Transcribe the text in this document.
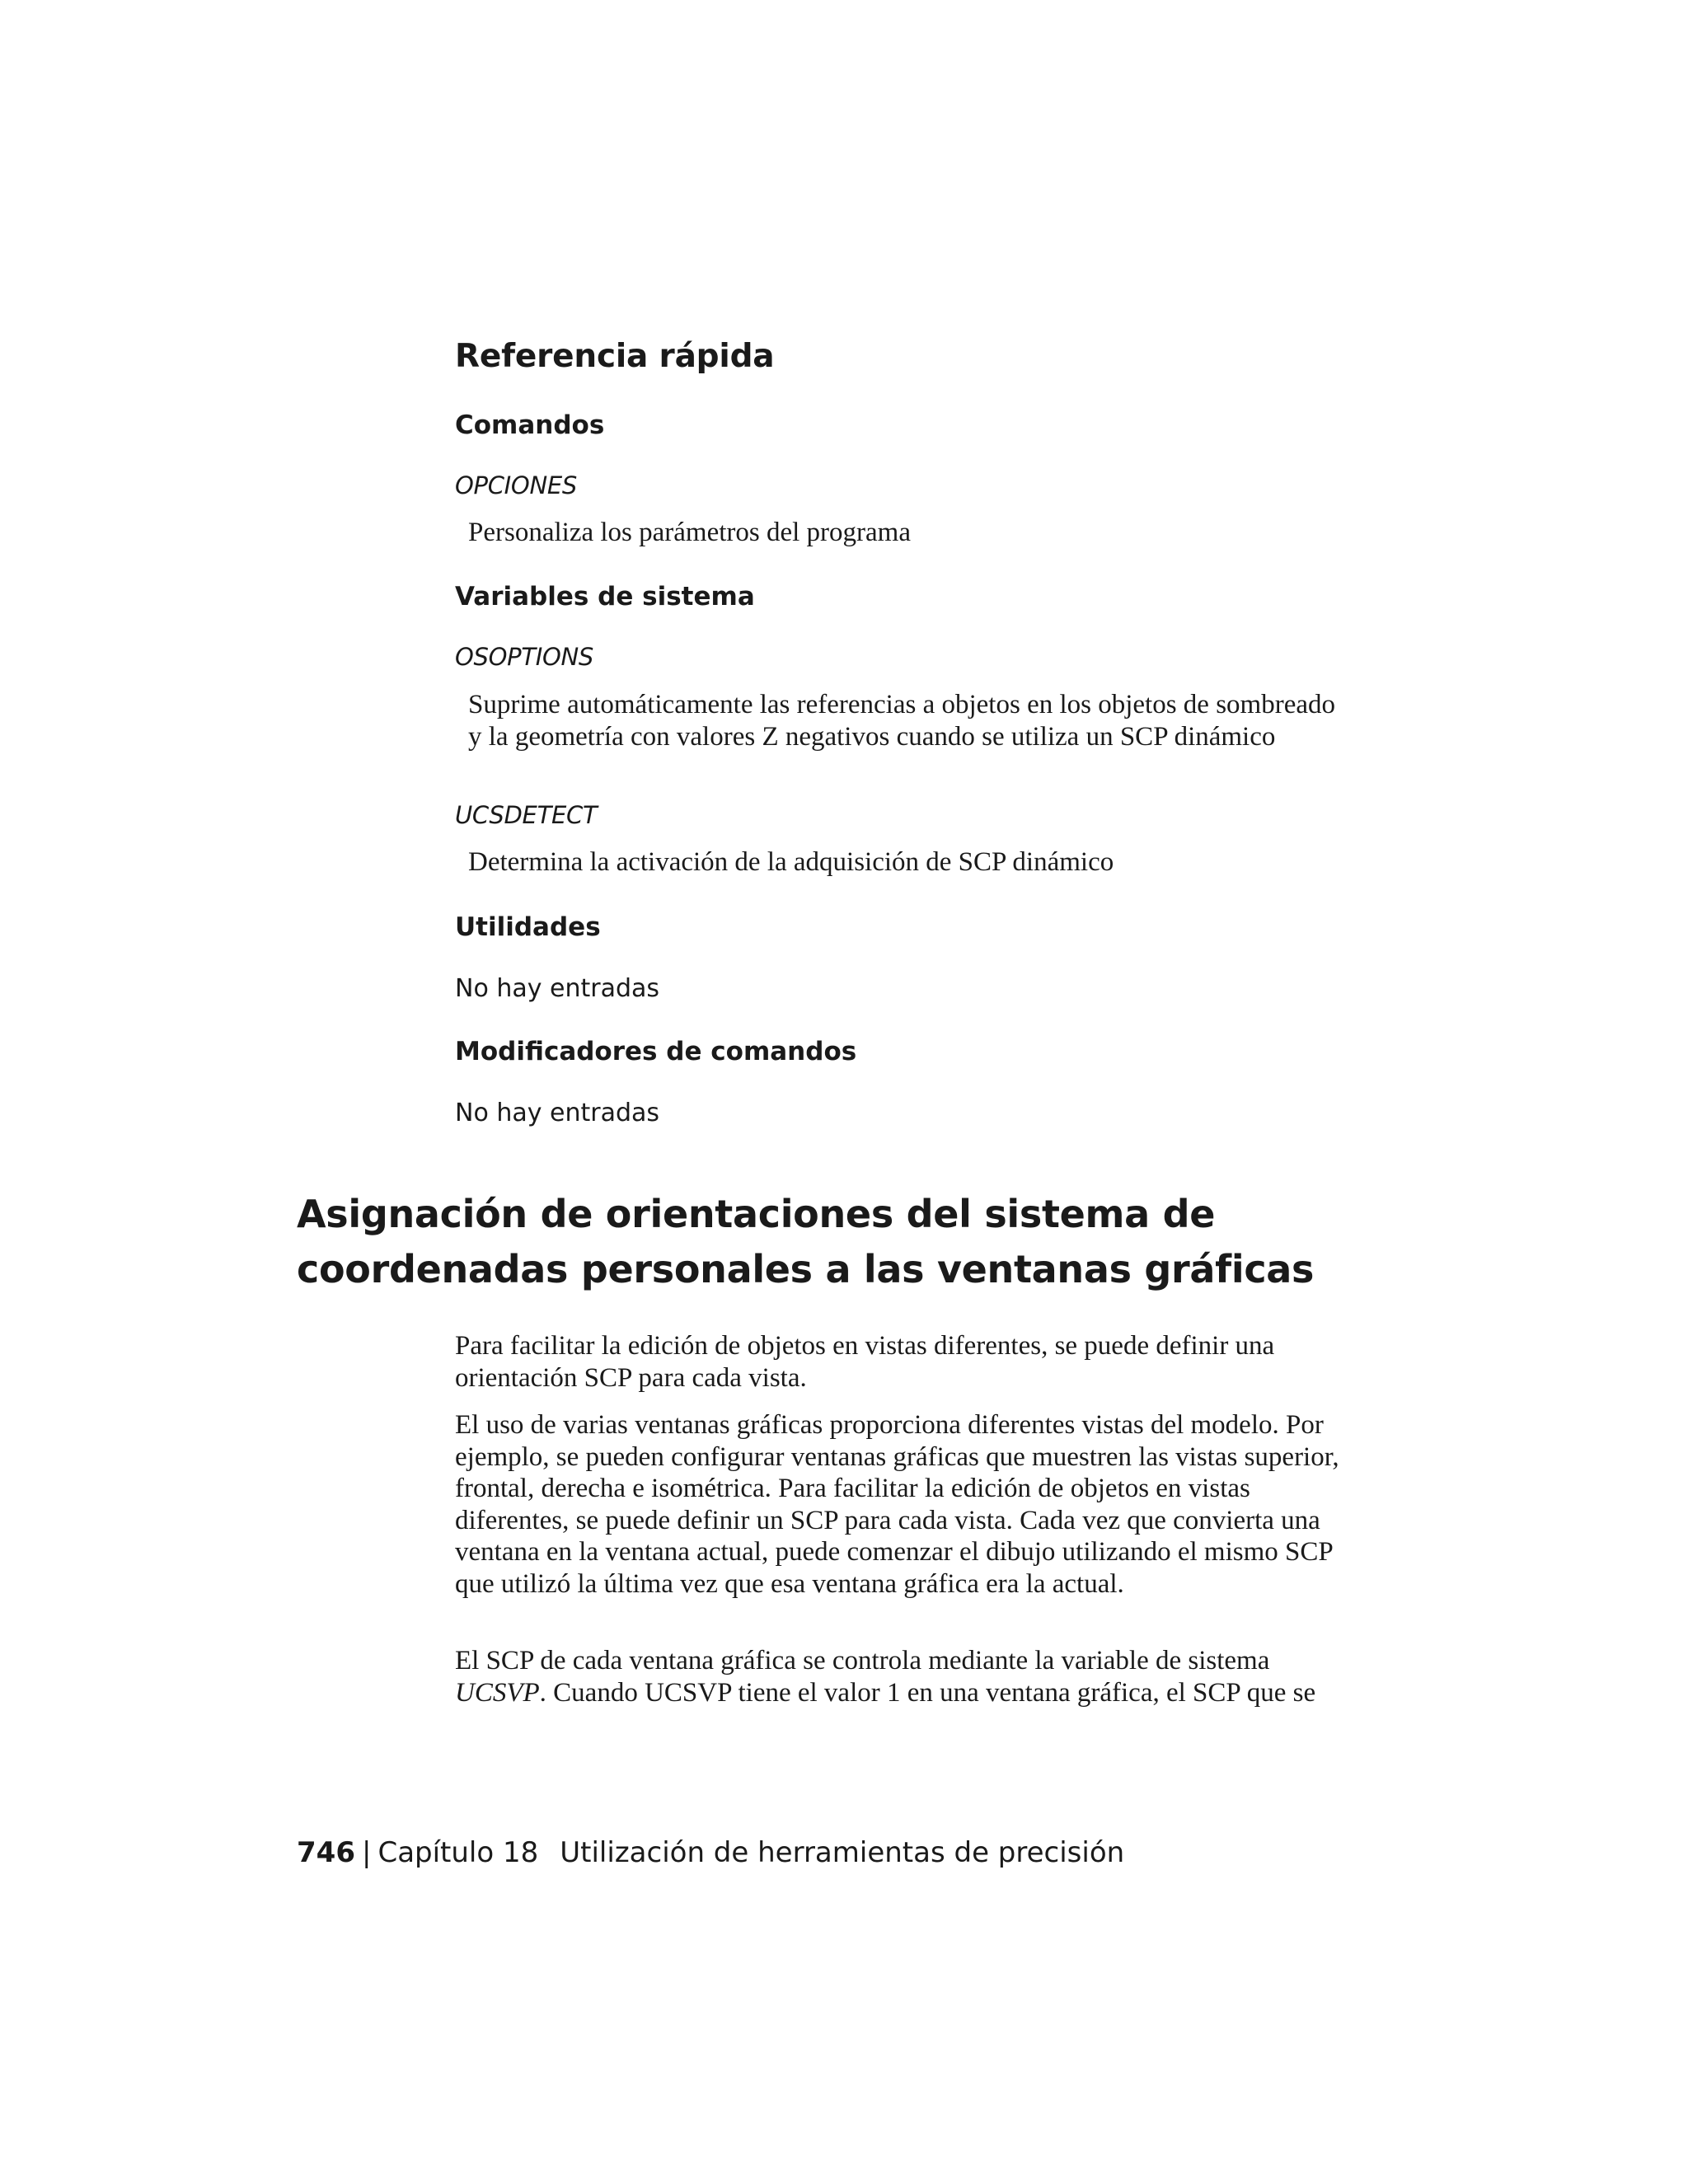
Referencia rápida
Comandos

OPCIONES

Personaliza los parámetros del programa

Variables de sistema

OSOPTIONS

Suprime automáticamente las referencias a objetos en los objetos de sombreado y la geometría con valores Z negativos cuando se utiliza un SCP dinámico

UCSDETECT

Determina la activación de la adquisición de SCP dinámico

Utilidades

No hay entradas

Modificadores de comandos

No hay entradas

Asignación de orientaciones del sistema de coordenadas personales a las ventanas gráficas

Para facilitar la edición de objetos en vistas diferentes, se puede definir una orientación SCP para cada vista.

El uso de varias ventanas gráficas proporciona diferentes vistas del modelo. Por ejemplo, se pueden configurar ventanas gráficas que muestren las vistas superior, frontal, derecha e isométrica. Para facilitar la edición de objetos en vistas diferentes, se puede definir un SCP para cada vista. Cada vez que convierta una ventana en la ventana actual, puede comenzar el dibujo utilizando el mismo SCP que utilizó la última vez que esa ventana gráfica era la actual.

El SCP de cada ventana gráfica se controla mediante la variable de sistema
UCSVP. Cuando UCSVP tiene el valor 1 en una ventana gráfica, el SCP que se

746 | Capítulo 18 Utilización de herramientas de precisión
